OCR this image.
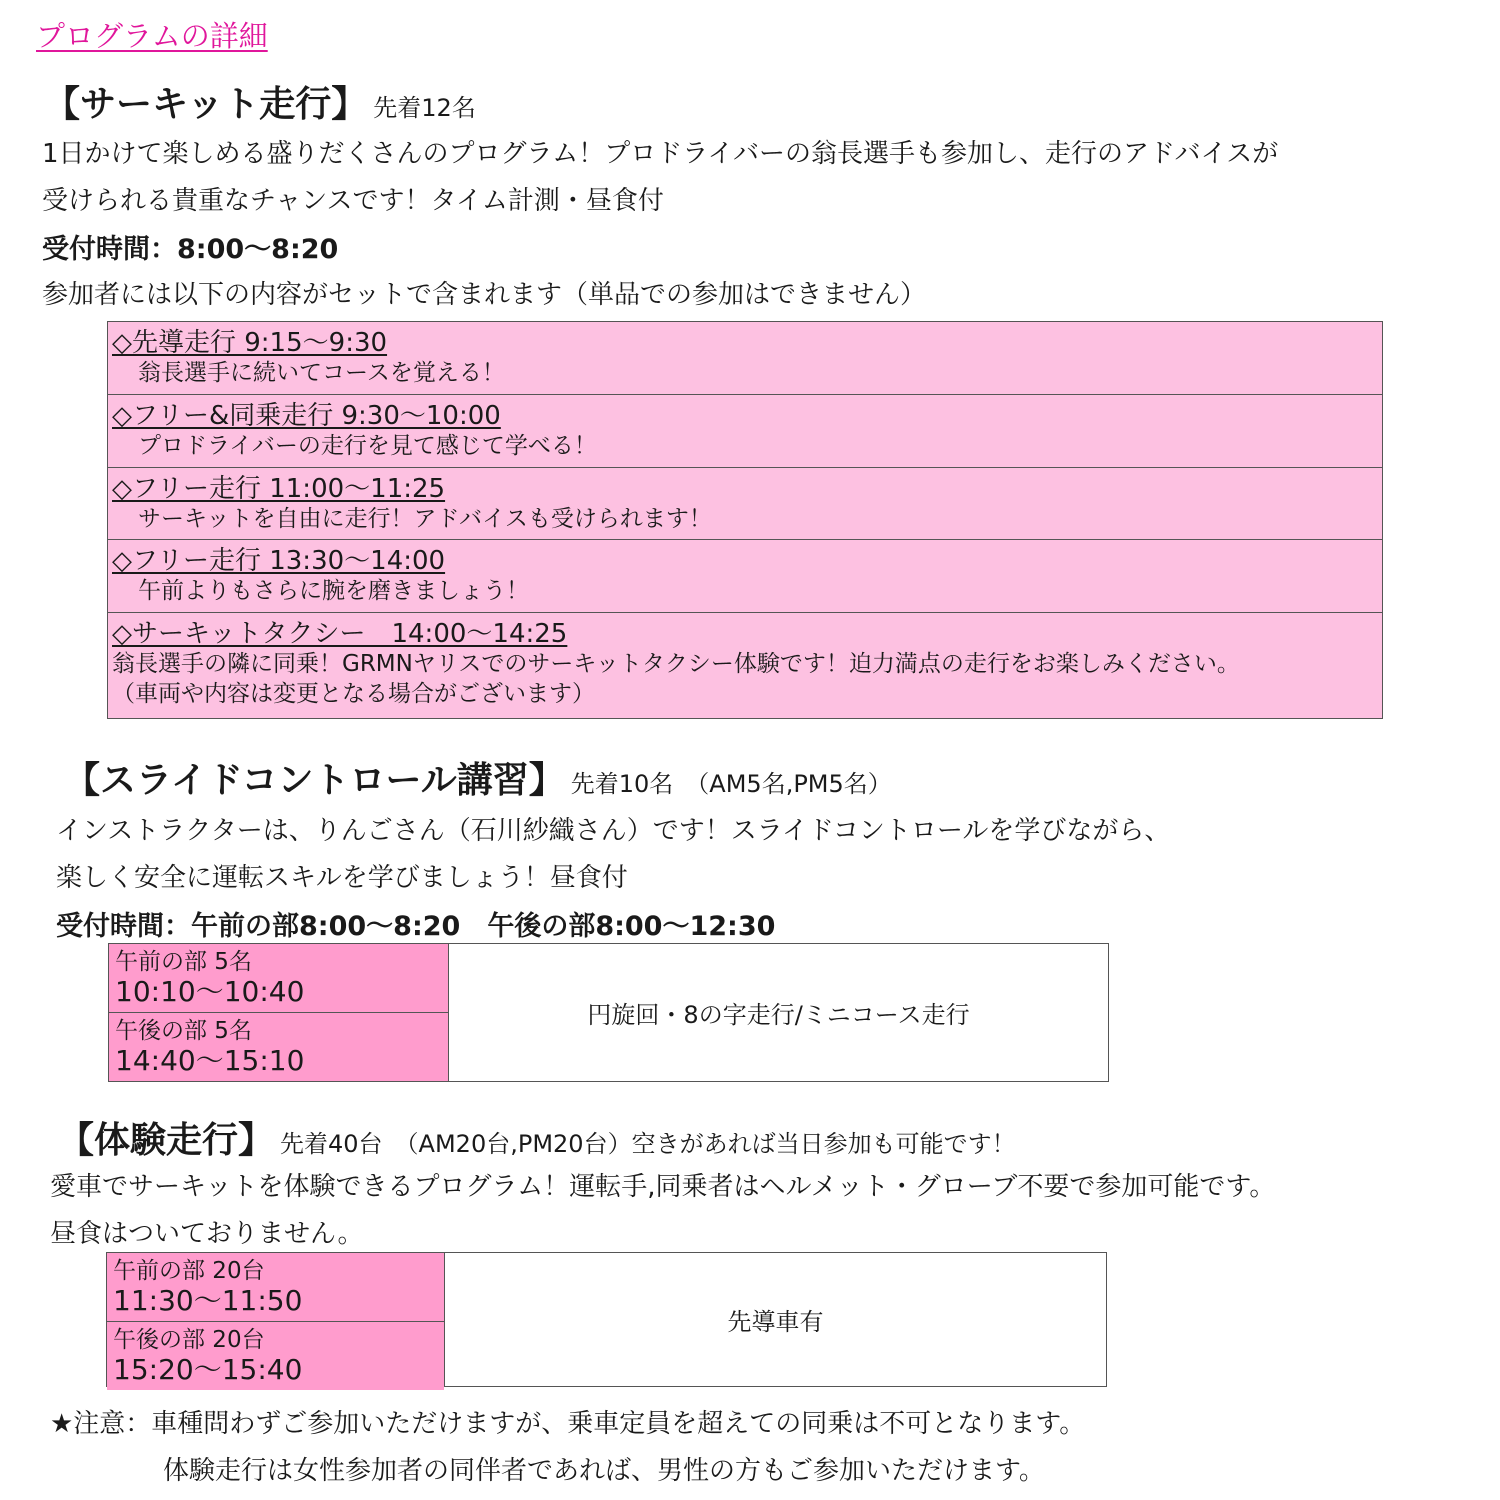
プログラムの詳細
【サーキット走行】 先着12名
1日かけて楽しめる盛りだくさんのプログラム！プロドライバーの翁長選手も参加し、走行のアドバイスが
受けられる貴重なチャンスです！タイム計測・昼食付
受付時間：8:00～8:20
参加者には以下の内容がセットで含まれます（単品での参加はできません）
◇先導走行 9:15～9:30
翁長選手に続いてコースを覚える！
◇フリー&同乗走行 9:30～10:00
プロドライバーの走行を見て感じて学べる！
◇フリー走行 11:00～11:25
サーキットを自由に走行！アドバイスも受けられます！
◇フリー走行 13:30～14:00
午前よりもさらに腕を磨きましょう！
◇サーキットタクシー　14:00～14:25
翁長選手の隣に同乗！GRMNヤリスでのサーキットタクシー体験です！迫力満点の走行をお楽しみください。
（車両や内容は変更となる場合がございます）
【スライドコントロール講習】 先着10名　（AM5名,PM5名）
インストラクターは、りんごさん（石川紗織さん）です！スライドコントロールを学びながら、
楽しく安全に運転スキルを学びましょう！昼食付
受付時間：午前の部8:00～8:20　午後の部8:00～12:30
午前の部 5名
10:10～10:40
午後の部 5名
14:40～15:10
円旋回・8の字走行/ミニコース走行
【体験走行】 先着40台　（AM20台,PM20台）空きがあれば当日参加も可能です！
愛車でサーキットを体験できるプログラム！運転手,同乗者はヘルメット・グローブ不要で参加可能です。
昼食はついておりません。
午前の部 20台
11:30～11:50
午後の部 20台
15:20～15:40
先導車有
★注意：車種問わずご参加いただけますが、乗車定員を超えての同乗は不可となります。
体験走行は女性参加者の同伴者であれば、男性の方もご参加いただけます。
